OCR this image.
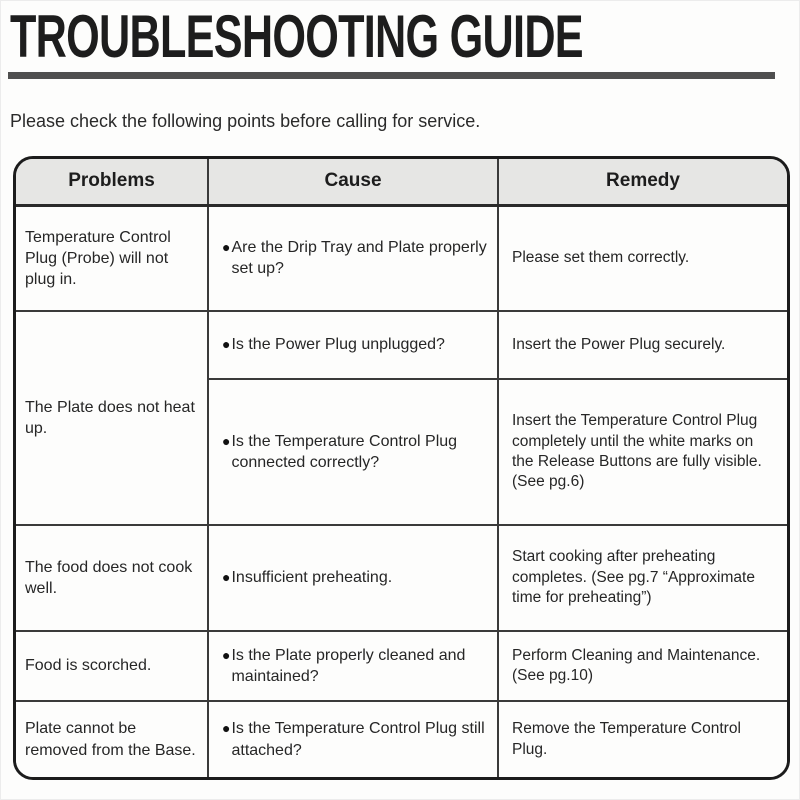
TROUBLESHOOTING GUIDE

Please check the following points before calling for service.

Problems	Cause	Remedy
Temperature Control Plug (Probe) will not plug in.	● Are the Drip Tray and Plate properly set up?	Please set them correctly.
The Plate does not heat up.	● Is the Power Plug unplugged?	Insert the Power Plug securely.

	● Is the Temperature Control Plug connected correctly?	Insert the Temperature Control Plug completely until the white marks on the Release Buttons are fully visible. (See pg.6)
The food does not cook well.	● Insufficient preheating.	Start cooking after preheating completes. (See pg.7 “Approximate time for preheating”)
Food is scorched.	● Is the Plate properly cleaned and maintained?	Perform Cleaning and Maintenance. (See pg.10)
Plate cannot be removed from the Base.	● Is the Temperature Control Plug still attached?	Remove the Temperature Control Plug.
